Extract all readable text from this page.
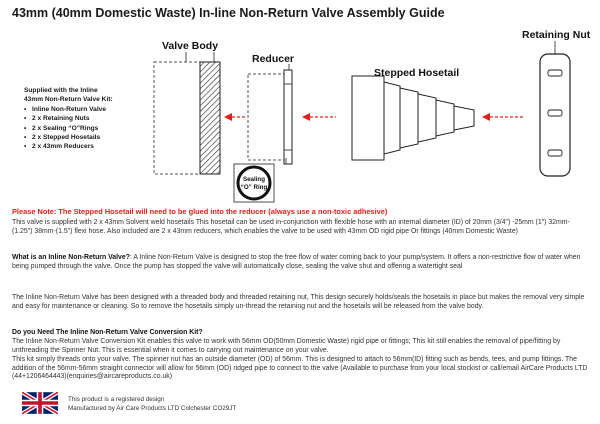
43mm (40mm Domestic Waste) In-line Non-Return Valve Assembly Guide
Valve Body
Reducer
Sealing
“O” Ring
Stepped Hosetail
Retaining Nut
Supplied with the Inline
43mm Non-Return Valve Kit:
• Inline Non-Return Valve
• 2 x Retaining Nuts
• 2 x Sealing “O”Rings
• 2 x Stepped Hosetails
• 2 x 43mm Reducers
Please Note: The Stepped Hosetail will need to be glued into the reducer (always use a non-toxic adhesive)

This valve is supplied with 2 x 43mm Solvent weld hosetails This hosetail can be used in-conjunction with flexible hose with an internal diameter (ID) of 20mm (3/4") -25mm (1") 32mm- (1.25") 38mm-(1.5") flexi hose. Also included are 2 x 43mm reducers, which enables the valve to be used with 43mm OD rigid pipe Or fittings (40mm Domestic Waste)

What is an Inline Non-Return Valve?: A Inline Non-Return Valve is designed to stop the free flow of water coming back to your pump/system. It offers a non-restrictive flow of water when being pumped through the valve. Once the pump has stopped the valve will automatically close, sealing the valve shut and offering a watertight seal

The Inline Non-Return Valve has been designed with a threaded body and threaded retaining nut, This design securely holds/seals the hosetails in place but makes the removal very simple and easy for maintenance or cleaning. So to remove the hosetails simply un-thread the retaining nut and the hosetails will be released from the valve body.

Do you Need The Inline Non-Return Valve Conversion Kit?

The Inline Non-Return Valve Conversion Kit enables this valve to work with 56mm OD(50mm Domestic Waste) rigid pipe or fittings; This kit still enables the removal of pipe/fitting by unthreading the Spinner Nut. This is essential when it comes to carrying out maintenance on your valve.

This kit simply threads onto your valve. The spinner nut has an outside diameter (OD) of 56mm. This is designed to attach to 56mm(ID) fitting such as bends, tees, and pump fittings. The addition of the 56mm-56mm straight connector will allow for 56mm (OD) ridged pipe to connect to the valve (Available to purchase from your local stockist or call/email AirCare Products LTD (44+1206464443)(enquiries@aircareproducts.co.uk)

This product is a registered design
Manufactured by Air Care Products LTD Colchester CO29JT
